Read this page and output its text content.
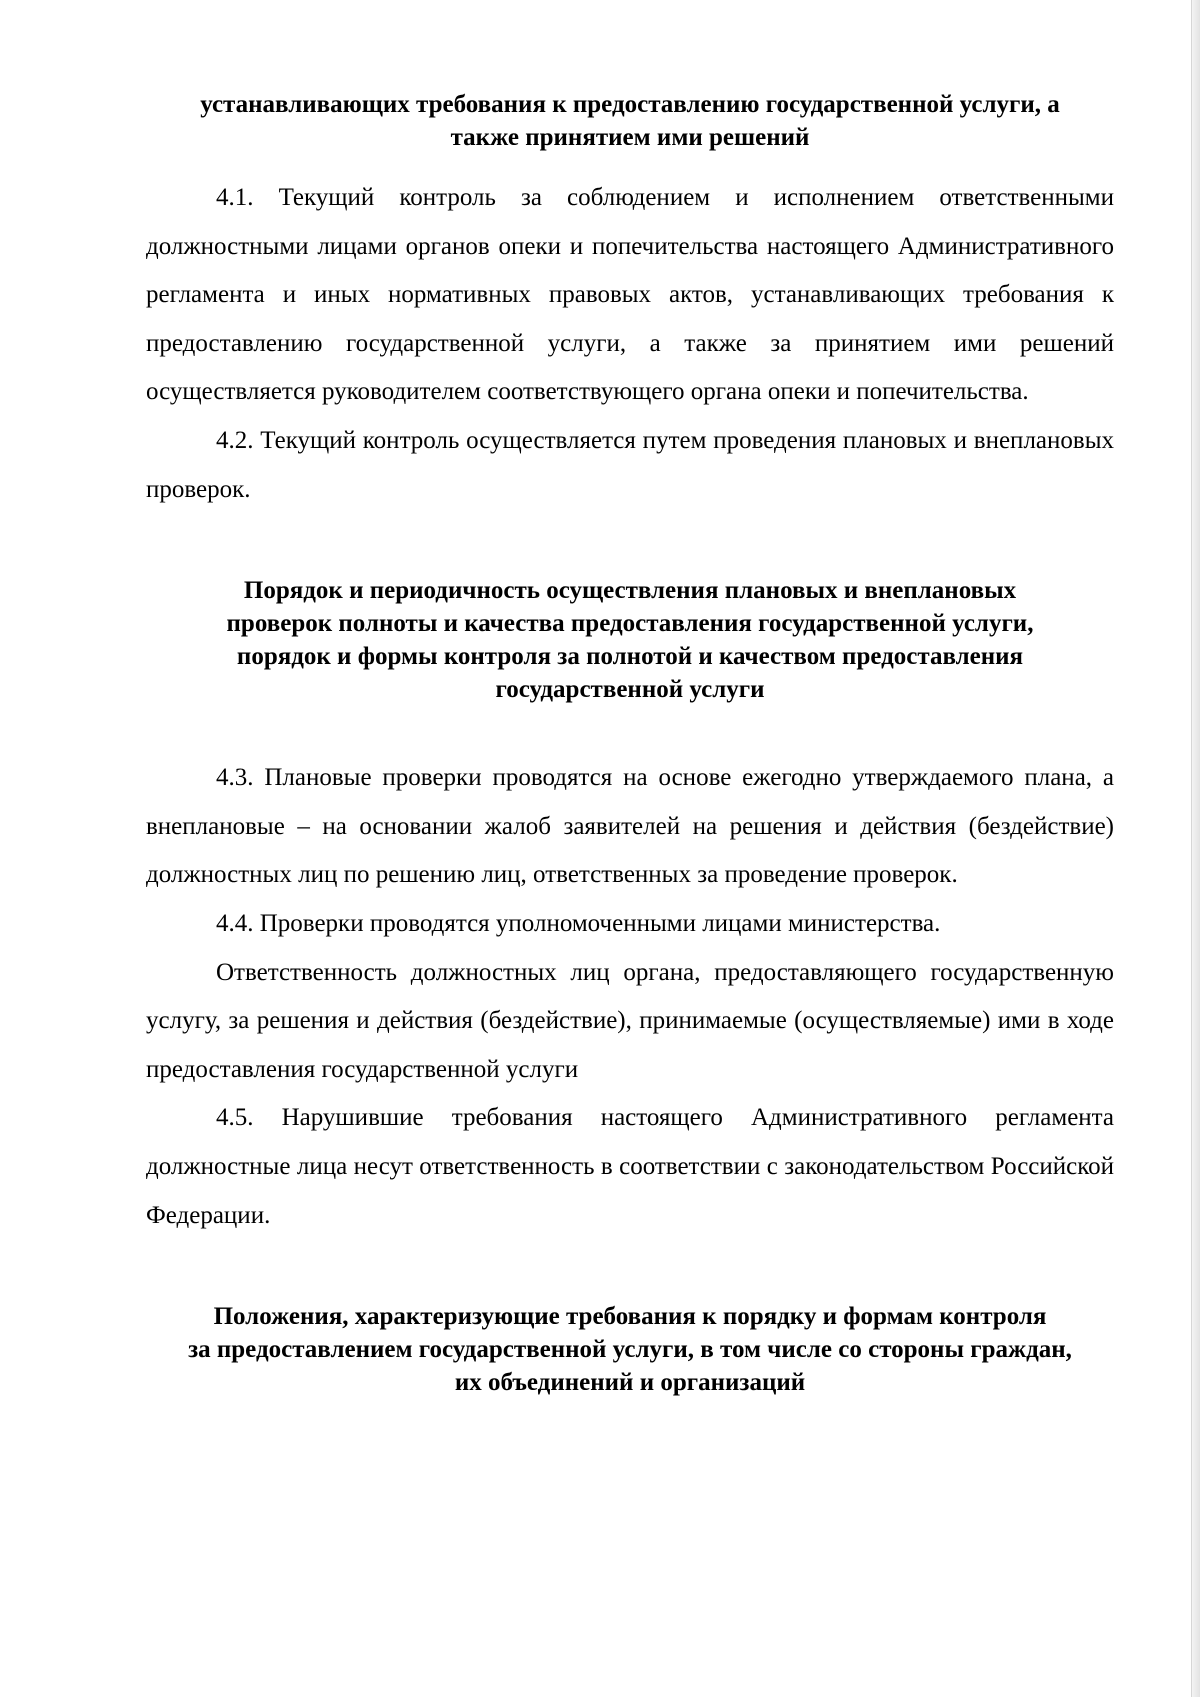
устанавливающих требования к предоставлению государственной услуги, а
также принятием ими решений

4.1. Текущий контроль за соблюдением и исполнением ответственными должностными лицами органов опеки и попечительства настоящего Административного регламента и иных нормативных правовых актов, устанавливающих требования к предоставлению государственной услуги, а также за принятием ими решений осуществляется руководителем соответствующего органа опеки и попечительства.

4.2. Текущий контроль осуществляется путем проведения плановых и внеплановых проверок.

Порядок и периодичность осуществления плановых и внеплановых
проверок полноты и качества предоставления государственной услуги,
порядок и формы контроля за полнотой и качеством предоставления
государственной услуги

4.3. Плановые проверки проводятся на основе ежегодно утверждаемого плана, а внеплановые – на основании жалоб заявителей на решения и действия (бездействие) должностных лиц по решению лиц, ответственных за проведение проверок.

4.4. Проверки проводятся уполномоченными лицами министерства.

Ответственность должностных лиц органа, предоставляющего государственную услугу, за решения и действия (бездействие), принимаемые (осуществляемые) ими в ходе предоставления государственной услуги

4.5. Нарушившие требования настоящего Административного регламента должностные лица несут ответственность в соответствии с законодательством Российской Федерации.

Положения, характеризующие требования к порядку и формам контроля
за предоставлением государственной услуги, в том числе со стороны граждан,
их объединений и организаций
